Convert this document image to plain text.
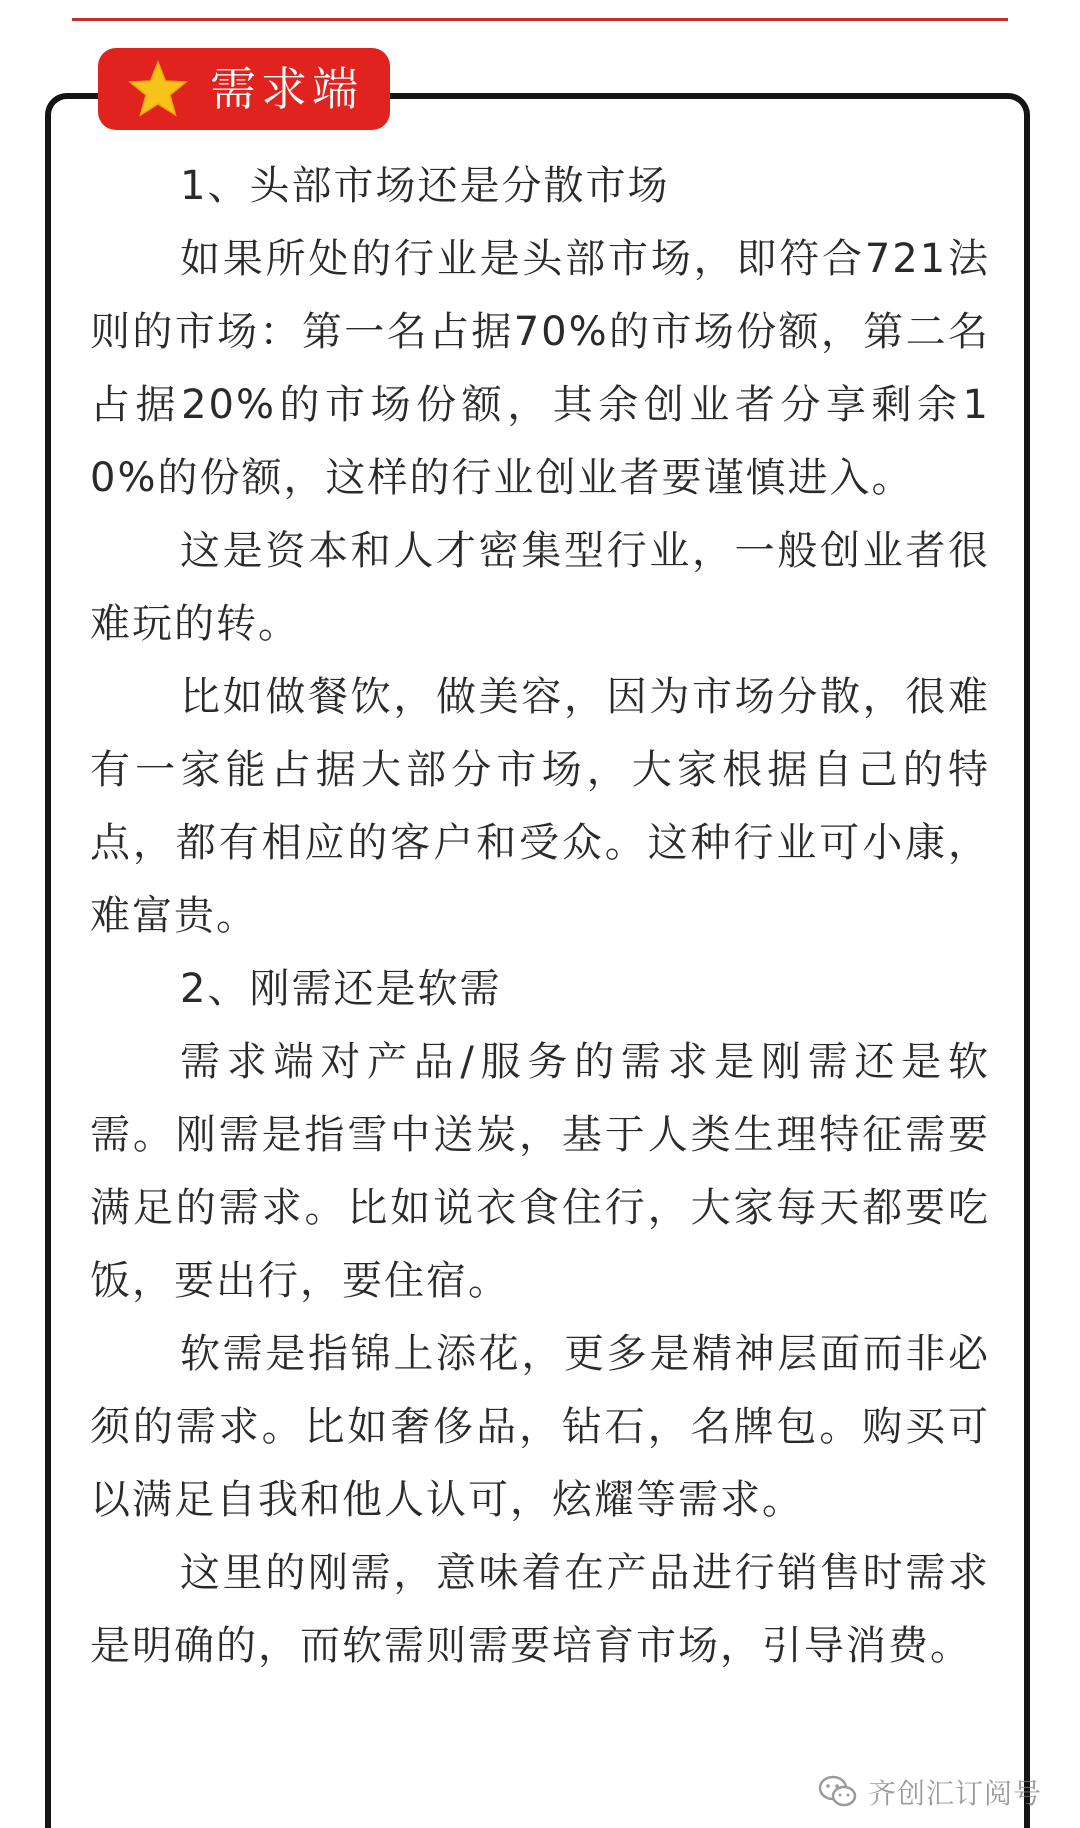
需求端

1、头部市场还是分散市场

如果所处的行业是头部市场，即符合721法则的市场：第一名占据70%的市场份额，第二名占据20%的市场份额，其余创业者分享剩余10%的份额，这样的行业创业者要谨慎进入。

这是资本和人才密集型行业，一般创业者很难玩的转。

比如做餐饮，做美容，因为市场分散，很难有一家能占据大部分市场，大家根据自己的特点，都有相应的客户和受众。这种行业可小康，难富贵。

2、刚需还是软需

需求端对产品/服务的需求是刚需还是软需。刚需是指雪中送炭，基于人类生理特征需要满足的需求。比如说衣食住行，大家每天都要吃饭，要出行，要住宿。

软需是指锦上添花，更多是精神层面而非必须的需求。比如奢侈品，钻石，名牌包。购买可以满足自我和他人认可，炫耀等需求。

这里的刚需，意味着在产品进行销售时需求是明确的，而软需则需要培育市场，引导消费。

齐创汇订阅号
